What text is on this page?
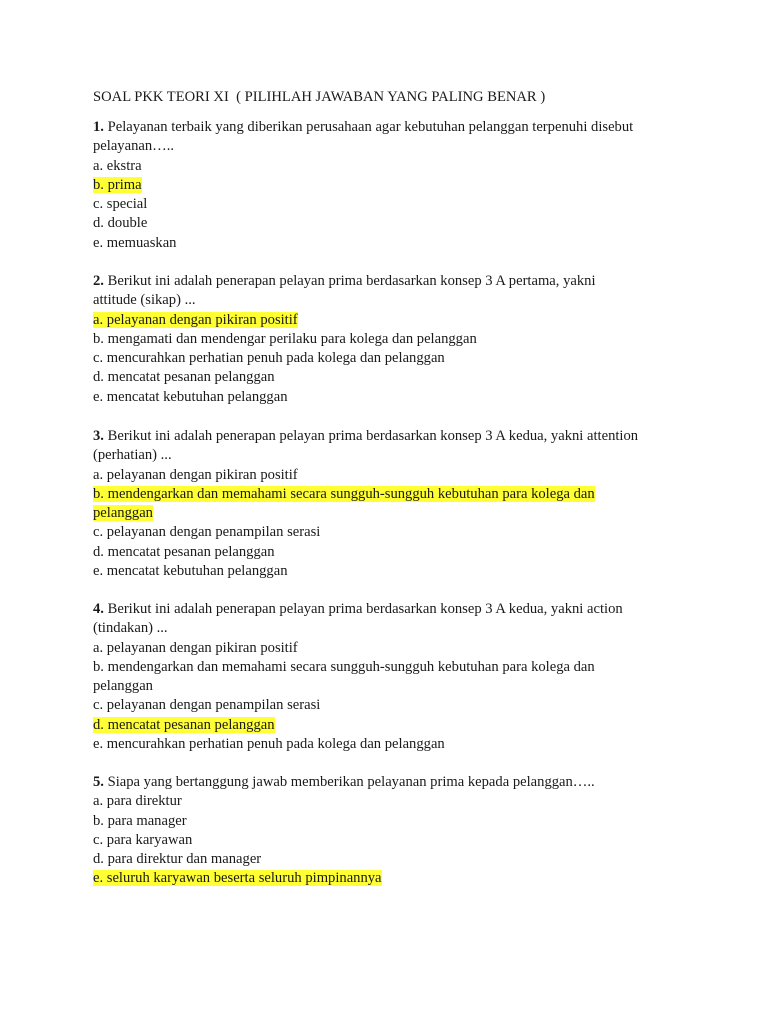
SOAL PKK TEORI XI  ( PILIHLAH JAWABAN YANG PALING BENAR )
1. Pelayanan terbaik yang diberikan perusahaan agar kebutuhan pelanggan terpenuhi disebut
pelayanan…..
a. ekstra
b. prima
c. special
d. double
e. memuaskan
2. Berikut ini adalah penerapan pelayan prima berdasarkan konsep 3 A pertama, yakni
attitude (sikap) ...
a. pelayanan dengan pikiran positif
b. mengamati dan mendengar perilaku para kolega dan pelanggan
c. mencurahkan perhatian penuh pada kolega dan pelanggan
d. mencatat pesanan pelanggan
e. mencatat kebutuhan pelanggan
3. Berikut ini adalah penerapan pelayan prima berdasarkan konsep 3 A kedua, yakni attention
(perhatian) ...
a. pelayanan dengan pikiran positif
b. mendengarkan dan memahami secara sungguh-sungguh kebutuhan para kolega dan
pelanggan
c. pelayanan dengan penampilan serasi
d. mencatat pesanan pelanggan
e. mencatat kebutuhan pelanggan
4. Berikut ini adalah penerapan pelayan prima berdasarkan konsep 3 A kedua, yakni action
(tindakan) ...
a. pelayanan dengan pikiran positif
b. mendengarkan dan memahami secara sungguh-sungguh kebutuhan para kolega dan
pelanggan
c. pelayanan dengan penampilan serasi
d. mencatat pesanan pelanggan
e. mencurahkan perhatian penuh pada kolega dan pelanggan
5. Siapa yang bertanggung jawab memberikan pelayanan prima kepada pelanggan…..
a. para direktur
b. para manager
c. para karyawan
d. para direktur dan manager
e. seluruh karyawan beserta seluruh pimpinannya
